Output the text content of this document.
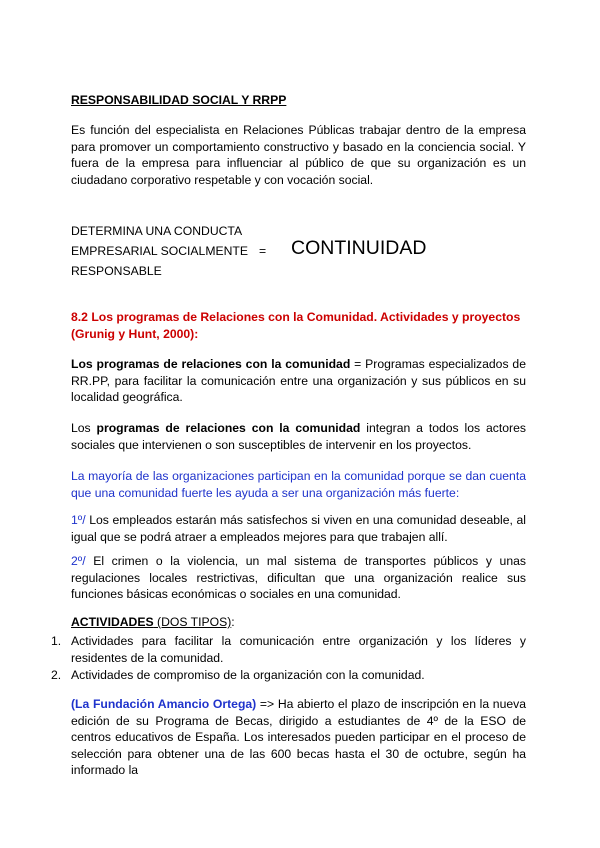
RESPONSABILIDAD SOCIAL Y RRPP

Es función del especialista en Relaciones Públicas trabajar dentro de la empresa para promover un comportamiento constructivo y basado en la conciencia social. Y fuera de la empresa para influenciar al público de que su organización es un ciudadano corporativo respetable y con vocación social.

DETERMINA UNA CONDUCTA
EMPRESARIAL SOCIALMENTE
RESPONSABLE
= CONTINUIDAD

8.2 Los programas de Relaciones con la Comunidad. Actividades y proyectos (Grunig y Hunt, 2000):

Los programas de relaciones con la comunidad = Programas especializados de RR.PP, para facilitar la comunicación entre una organización y sus públicos en su localidad geográfica.

Los programas de relaciones con la comunidad integran a todos los actores sociales que intervienen o son susceptibles de intervenir en los proyectos.

La mayoría de las organizaciones participan en la comunidad porque se dan cuenta que una comunidad fuerte les ayuda a ser una organización más fuerte:

1º/ Los empleados estarán más satisfechos si viven en una comunidad deseable, al igual que se podrá atraer a empleados mejores para que trabajen allí.

2º/ El crimen o la violencia, un mal sistema de transportes públicos y unas regulaciones locales restrictivas, dificultan que una organización realice sus funciones básicas económicas o sociales en una comunidad.

ACTIVIDADES (DOS TIPOS):

1. Actividades para facilitar la comunicación entre organización y los líderes y residentes de la comunidad.
2. Actividades de compromiso de la organización con la comunidad.

(La Fundación Amancio Ortega) => Ha abierto el plazo de inscripción en la nueva edición de su Programa de Becas, dirigido a estudiantes de 4º de la ESO de centros educativos de España. Los interesados pueden participar en el proceso de selección para obtener una de las 600 becas hasta el 30 de octubre, según ha informado la
